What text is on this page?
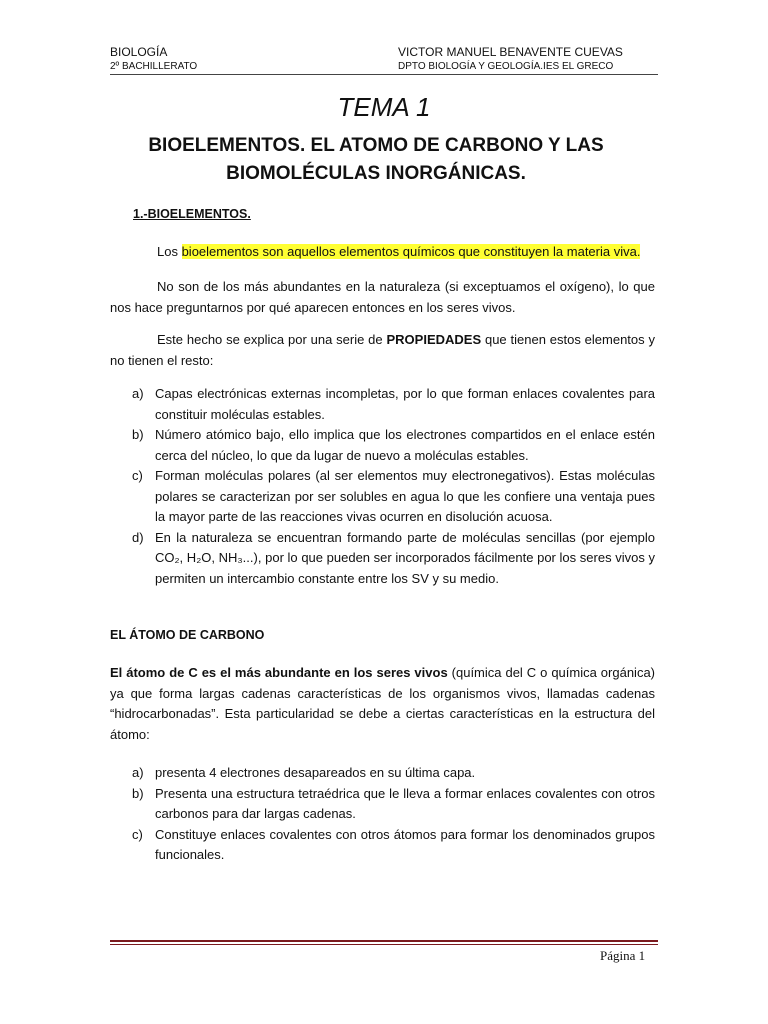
BIOLOGÍA	VICTOR MANUEL BENAVENTE CUEVAS
2º BACHILLERATO	DPTO BIOLOGÍA Y GEOLOGÍA.IES EL GRECO
TEMA 1
BIOELEMENTOS. EL ATOMO DE CARBONO Y LAS
BIOMOLÉCULAS INORGÁNICAS.
1.-BIOELEMENTOS.
Los bioelementos son aquellos elementos químicos que constituyen la materia viva.
No son de los más abundantes en la naturaleza (si exceptuamos el oxígeno), lo que nos hace preguntarnos por qué aparecen entonces en los seres vivos.
Este hecho se explica por una serie de PROPIEDADES que tienen estos elementos y no tienen el resto:
a) Capas electrónicas externas incompletas, por lo que forman enlaces covalentes para constituir moléculas estables.
b) Número atómico bajo, ello implica que los electrones compartidos en el enlace estén cerca del núcleo, lo que da lugar de nuevo a moléculas estables.
c) Forman moléculas polares (al ser elementos muy electronegativos). Estas moléculas polares se caracterizan por ser solubles en agua lo que les confiere una ventaja pues la mayor parte de las reacciones vivas ocurren en disolución acuosa.
d) En la naturaleza se encuentran formando parte de moléculas sencillas (por ejemplo CO₂, H₂O, NH₃...), por lo que pueden ser incorporados fácilmente por los seres vivos y permiten un intercambio constante entre los SV y su medio.
EL ÁTOMO DE CARBONO
El átomo de C es el más abundante en los seres vivos (química del C o química orgánica) ya que forma largas cadenas características de los organismos vivos, llamadas cadenas “hidrocarbonadas”. Esta particularidad se debe a ciertas características en la estructura del átomo:
a) presenta 4 electrones desapareados en su última capa.
b) Presenta una estructura tetraédrica que le lleva a formar enlaces covalentes con otros carbonos para dar largas cadenas.
c) Constituye enlaces covalentes con otros átomos para formar los denominados grupos funcionales.
Página 1
